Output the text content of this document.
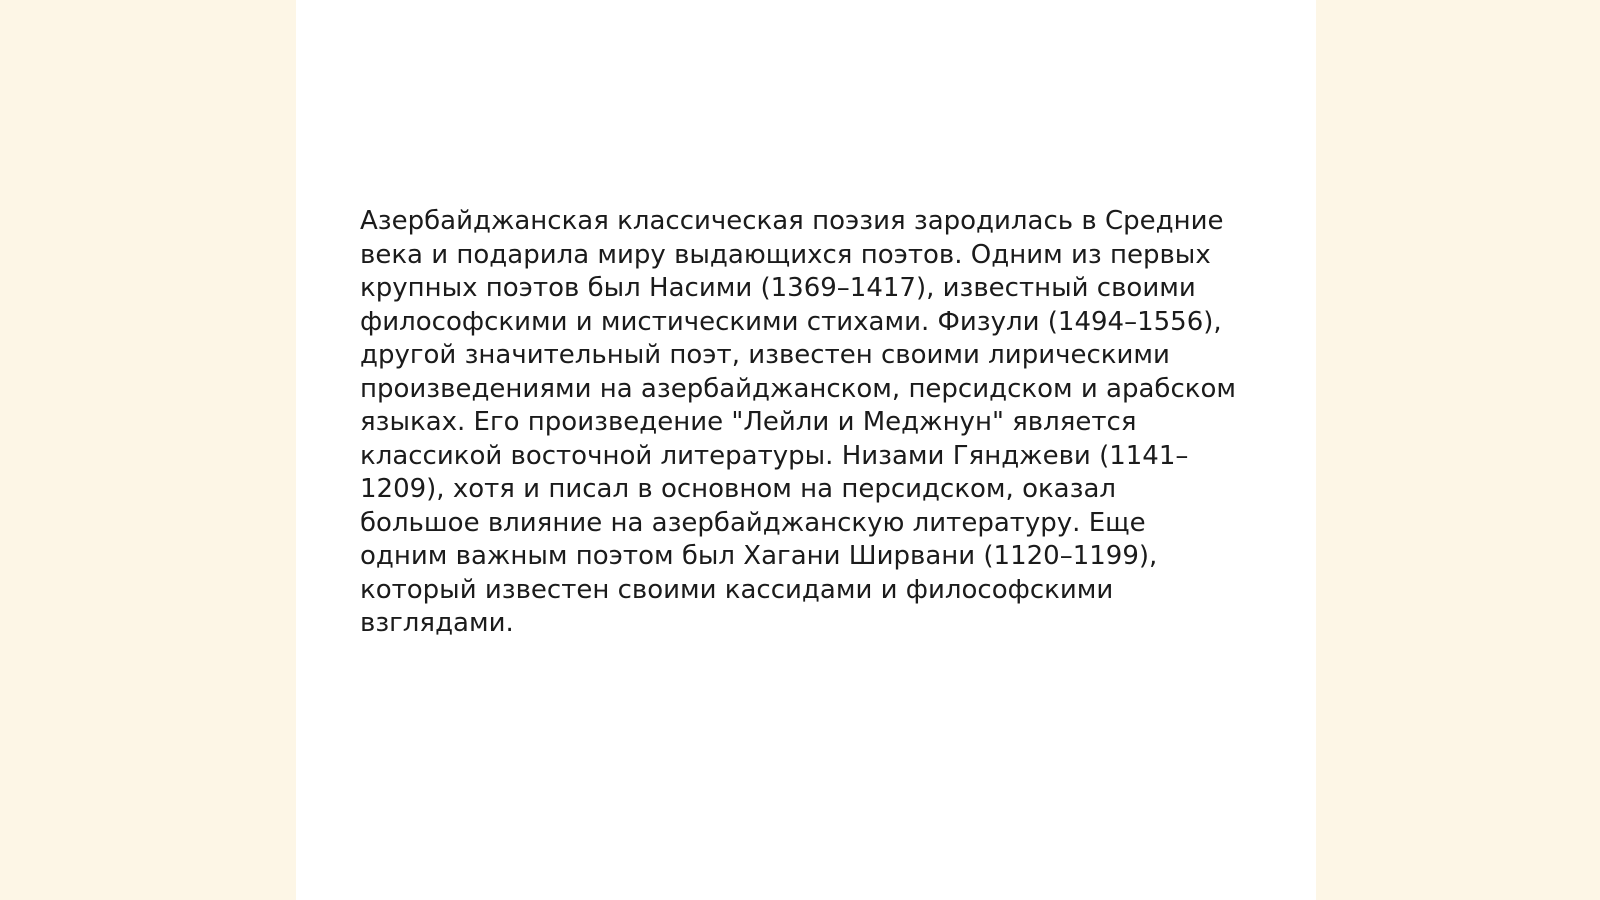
Азербайджанская классическая поэзия зародилась в Средние века и подарила миру выдающихся поэтов. Одним из первых крупных поэтов был Насими (1369–1417), известный своими философскими и мистическими стихами. Физули (1494–1556), другой значительный поэт, известен своими лирическими произведениями на азербайджанском, персидском и арабском языках. Его произведение "Лейли и Меджнун" является классикой восточной литературы. Низами Гянджеви (1141–1209), хотя и писал в основном на персидском, оказал большое влияние на азербайджанскую литературу. Еще одним важным поэтом был Хагани Ширвани (1120–1199), который известен своими кассидами и философскими взглядами.
